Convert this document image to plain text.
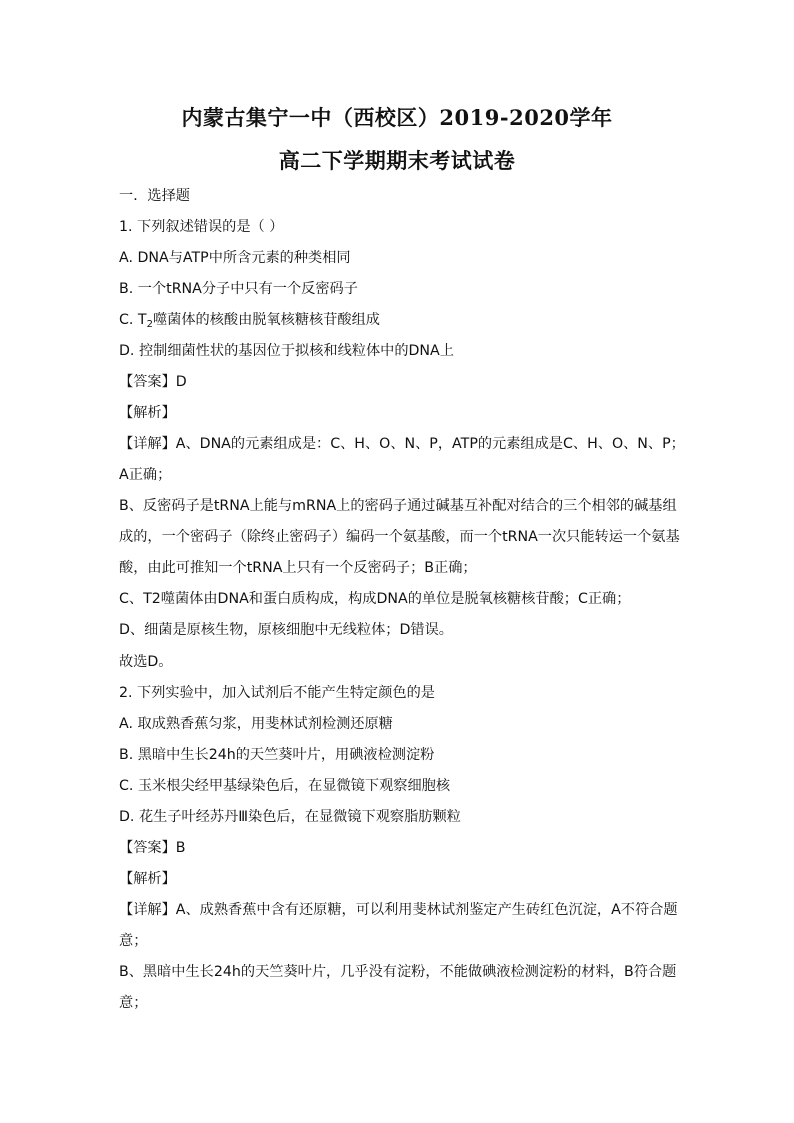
内蒙古集宁一中（西校区）2019-2020学年
高二下学期期末考试试卷
一．选择题
1. 下列叙述错误的是（ ）
A. DNA与ATP中所含元素的种类相同
B. 一个tRNA分子中只有一个反密码子
C. $T_2$噬菌体的核酸由脱氧核糖核苷酸组成
D. 控制细菌性状的基因位于拟核和线粒体中的DNA上
【答案】D
【解析】
【详解】A、DNA的元素组成是：C、H、O、N、P，ATP的元素组成是C、H、O、N、P；
A正确；
B、反密码子是tRNA上能与mRNA上的密码子通过碱基互补配对结合的三个相邻的碱基组
成的，一个密码子（除终止密码子）编码一个氨基酸，而一个tRNA一次只能转运一个氨基
酸，由此可推知一个tRNA上只有一个反密码子；B正确；
C、T2噬菌体由DNA和蛋白质构成，构成DNA的单位是脱氧核糖核苷酸；C正确；
D、细菌是原核生物，原核细胞中无线粒体；D错误。
故选D。
2. 下列实验中，加入试剂后不能产生特定颜色的是
A. 取成熟香蕉匀浆，用斐林试剂检测还原糖
B. 黑暗中生长24h的天竺葵叶片，用碘液检测淀粉
C. 玉米根尖经甲基绿染色后，在显微镜下观察细胞核
D. 花生子叶经苏丹Ⅲ染色后，在显微镜下观察脂肪颗粒
【答案】B
【解析】
【详解】A、成熟香蕉中含有还原糖，可以利用斐林试剂鉴定产生砖红色沉淀，A不符合题
意；
B、黑暗中生长24h的天竺葵叶片，几乎没有淀粉，不能做碘液检测淀粉的材料，B符合题
意；
